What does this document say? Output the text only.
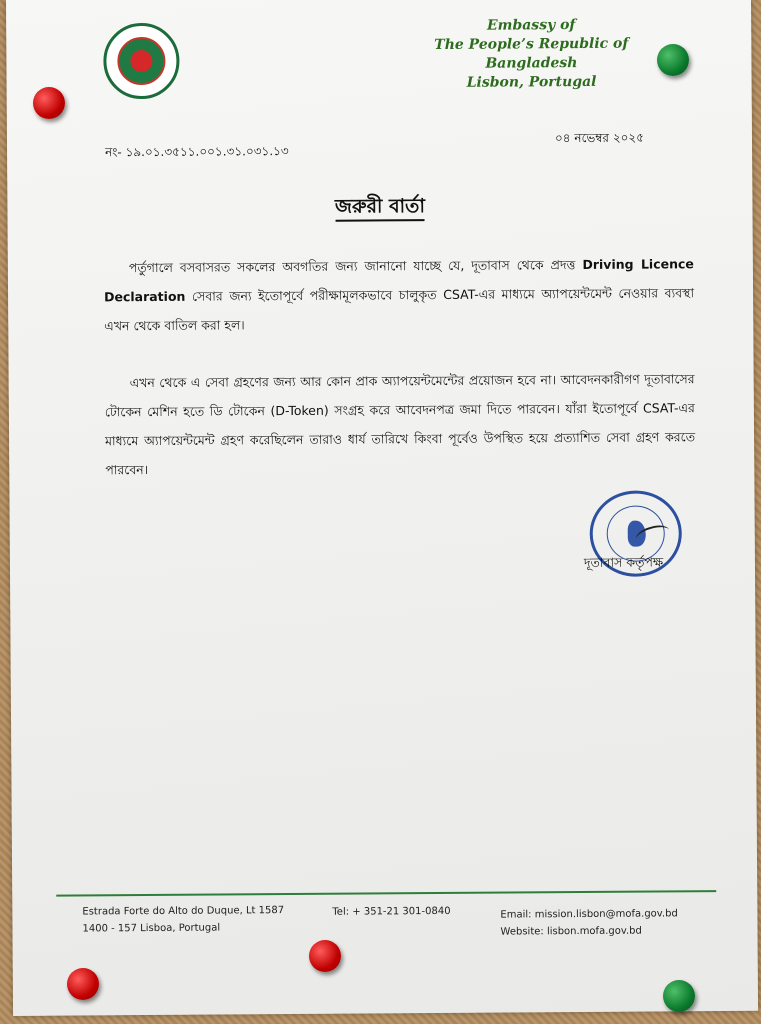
Embassy of
The People’s Republic of Bangladesh
Lisbon, Portugal
০৪ নভেম্বর ২০২৫
নং- ১৯.০১.৩৫১১.০০১.৩১.০৩১.১৩
জরুরী বার্তা
  পর্তুগালে বসবাসরত সকলের অবগতির জন্য জানানো যাচ্ছে যে, দূতাবাস থেকে প্রদত্ত Driving Licence Declaration সেবার জন্য ইতোপূর্বে পরীক্ষামূলকভাবে চালুকৃত CSAT-এর মাধ্যমে অ্যাপয়েন্টমেন্ট নেওয়ার ব্যবস্থা এখন থেকে বাতিল করা হল।
  এখন থেকে এ সেবা গ্রহণের জন্য আর কোন প্রাক অ্যাপয়েন্টমেন্টের প্রয়োজন হবে না। আবেদনকারীগণ দূতাবাসের টোকেন মেশিন হতে ডি টোকেন (D-Token) সংগ্রহ করে আবেদনপত্র জমা দিতে পারবেন। যাঁরা ইতোপূর্বে CSAT-এর মাধ্যমে অ্যাপয়েন্টমেন্ট গ্রহণ করেছিলেন তারাও ধার্য তারিখে কিংবা পূর্বেও উপস্থিত হয়ে প্রত্যাশিত সেবা গ্রহণ করতে পারবেন।
দূতাবাস কর্তৃপক্ষ
Estrada Forte do Alto do Duque, Lt 1587
1400 - 157 Lisboa, Portugal
Tel: + 351-21 301-0840	Email: mission.lisbon@mofa.gov.bd
Website: lisbon.mofa.gov.bd
